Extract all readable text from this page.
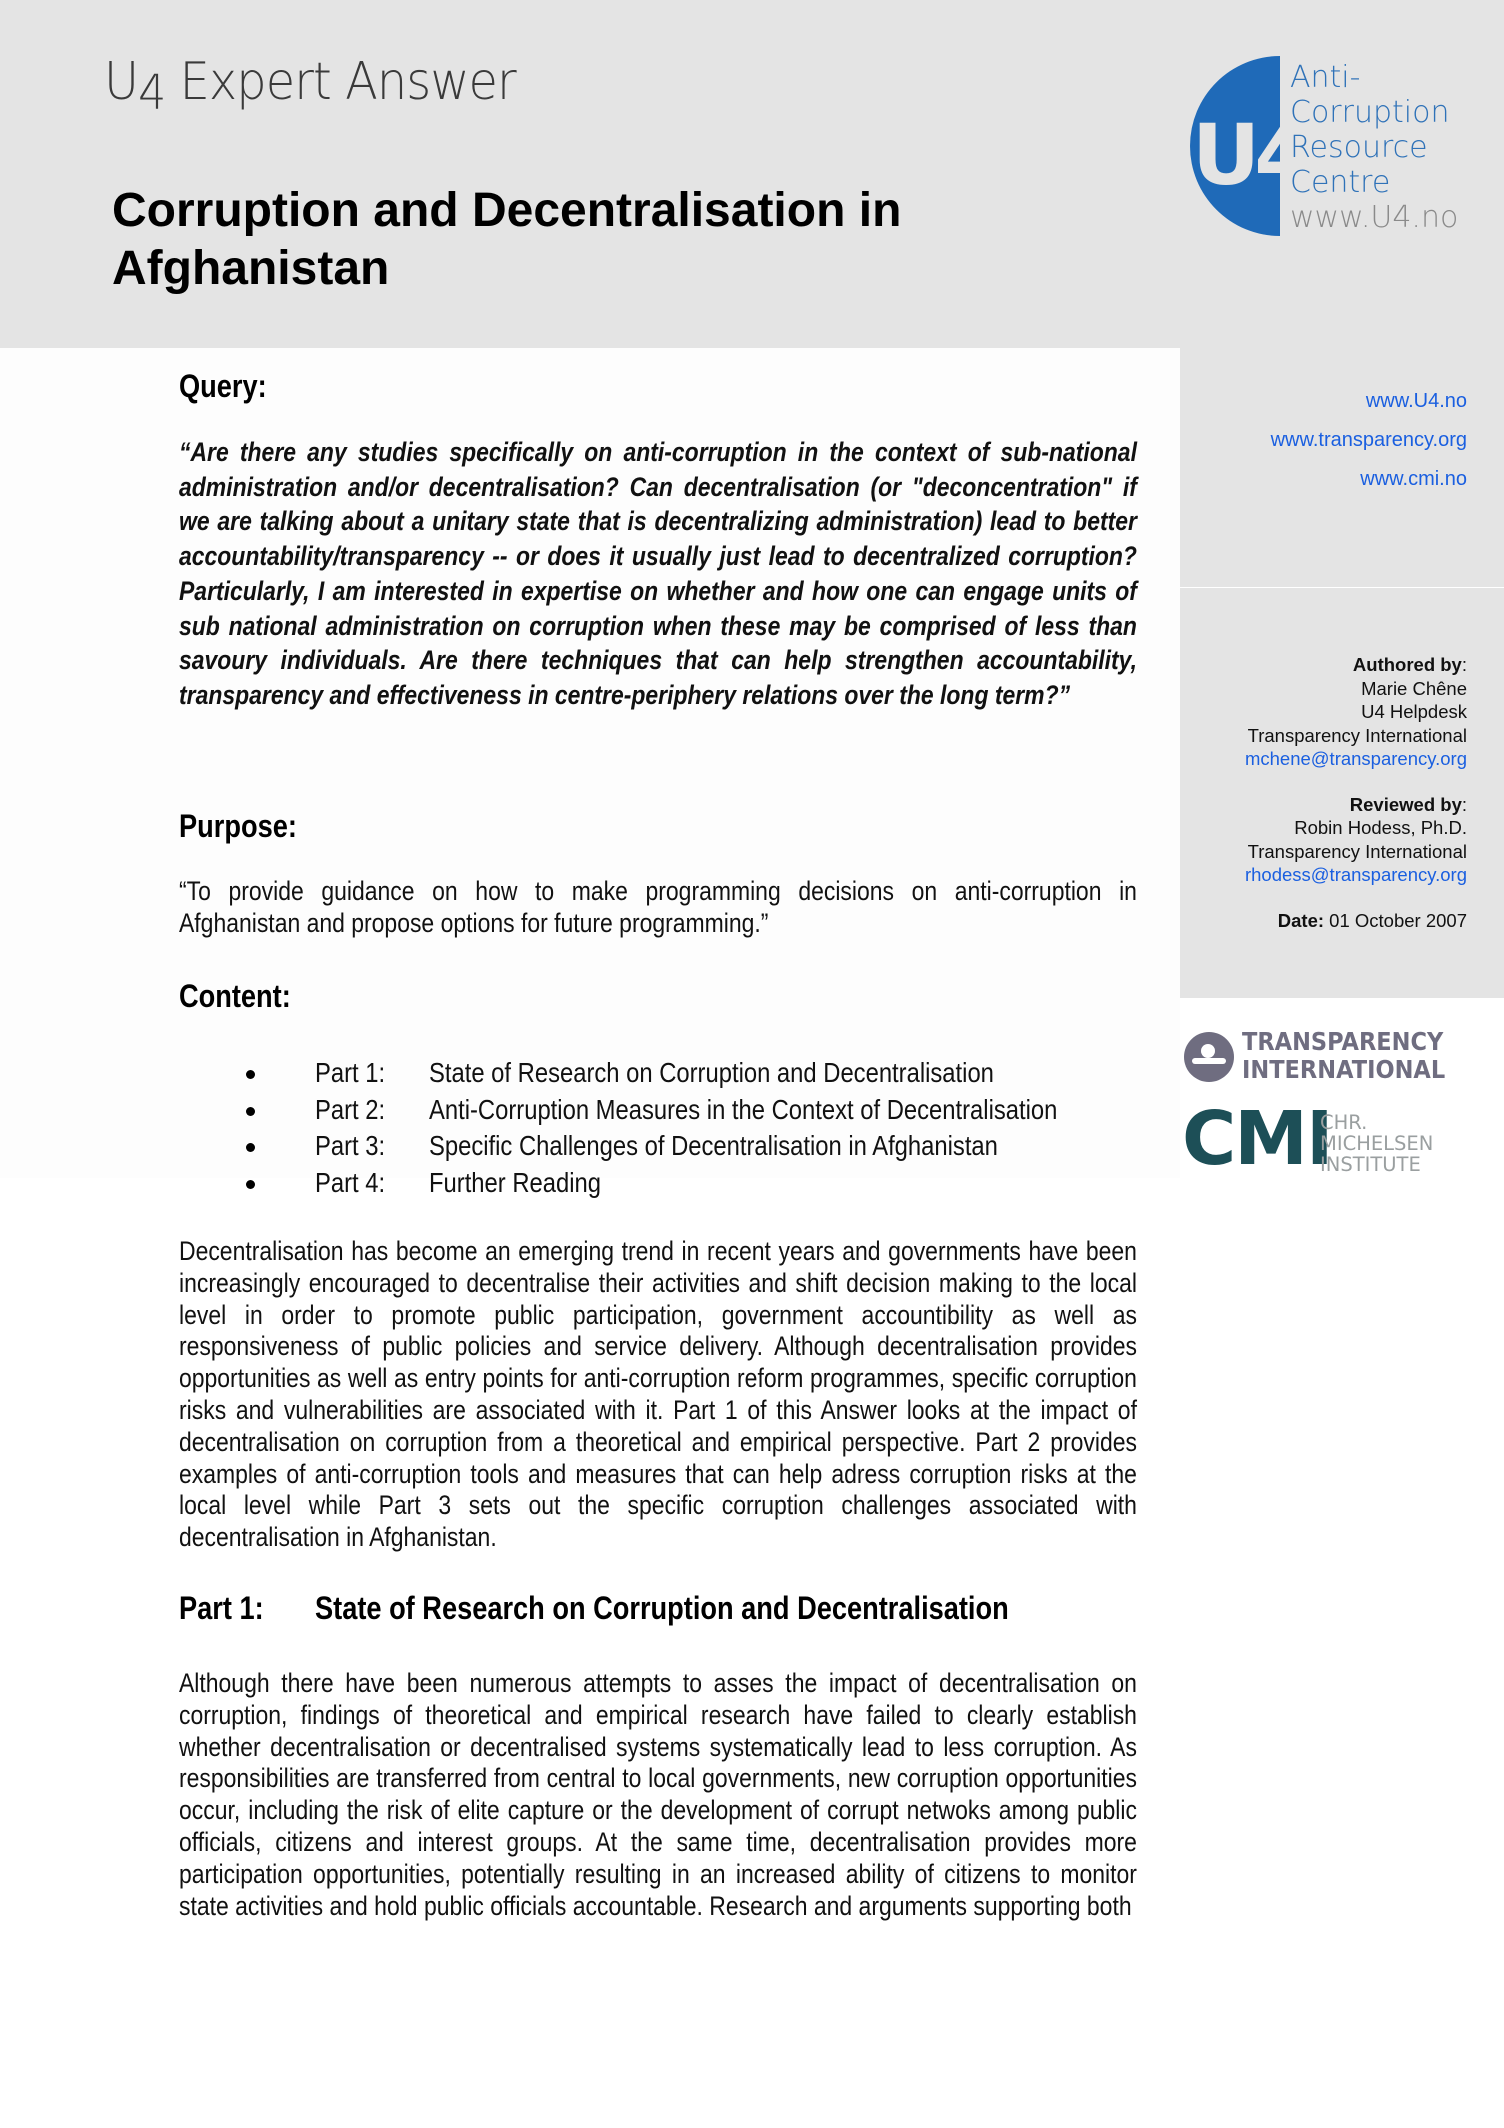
U4 Expert Answer
Corruption and Decentralisation in Afghanistan
U4
Anti-
Corruption
Resource
Centre
www.U4.no
www.U4.no
www.transparency.org
www.cmi.no
Authored by:
Marie Chêne
U4 Helpdesk
Transparency International
mchene@transparency.org
Reviewed by:
Robin Hodess, Ph.D.
Transparency International
rhodess@transparency.org
Date: 01 October 2007
TRANSPARENCY
INTERNATIONAL
CMI
CHR.
MICHELSEN
INSTITUTE
Query:
“Are there any studies specifically on anti-corruption in the context of sub-national administration and/or decentralisation? Can decentralisation (or "deconcentration" if we are talking about a unitary state that is decentralizing administration) lead to better accountability/transparency -- or does it usually just lead to decentralized corruption? Particularly, I am interested in expertise on whether and how one can engage units of sub national administration on corruption when these may be comprised of less than savoury individuals. Are there techniques that can help strengthen accountability, transparency and effectiveness in centre-periphery relations over the long term?”
Purpose:
“To provide guidance on how to make programming decisions on anti-corruption in Afghanistan and propose options for future programming.”
Content:
Part 1: State of Research on Corruption and Decentralisation
Part 2: Anti-Corruption Measures in the Context of Decentralisation
Part 3: Specific Challenges of Decentralisation in Afghanistan
Part 4: Further Reading
Decentralisation has become an emerging trend in recent years and governments have been increasingly encouraged to decentralise their activities and shift decision making to the local level in order to promote public participation, government accountibility as well as responsiveness of public policies and service delivery. Although decentralisation provides opportunities as well as entry points for anti-corruption reform programmes, specific corruption risks and vulnerabilities are associated with it. Part 1 of this Answer looks at the impact of decentralisation on corruption from a theoretical and empirical perspective. Part 2 provides examples of anti-corruption tools and measures that can help adress corruption risks at the local level while Part 3 sets out the specific corruption challenges associated with decentralisation in Afghanistan.
Part 1: State of Research on Corruption and Decentralisation
Although there have been numerous attempts to asses the impact of decentralisation on corruption, findings of theoretical and empirical research have failed to clearly establish whether decentralisation or decentralised systems systematically lead to less corruption. As responsibilities are transferred from central to local governments, new corruption opportunities occur, including the risk of elite capture or the development of corrupt netwoks among public officials, citizens and interest groups. At the same time, decentralisation provides more participation opportunities, potentially resulting in an increased ability of citizens to monitor state activities and hold public officials accountable. Research and arguments supporting both
